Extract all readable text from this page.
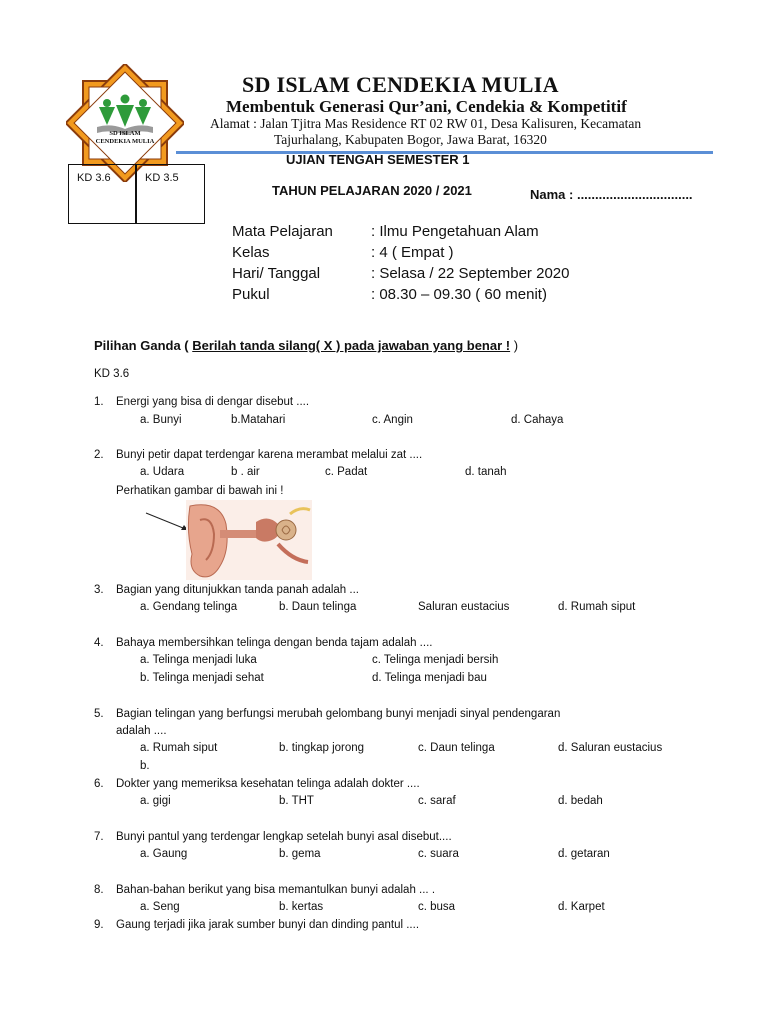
SD ISLAM
CENDEKIA MULIA
SD ISLAM CENDEKIA MULIA
Membentuk Generasi Qur’ani, Cendekia & Kompetitif
Alamat : Jalan Tjitra Mas Residence RT 02 RW 01, Desa Kalisuren, Kecamatan
Tajurhalang, Kabupaten Bogor, Jawa Barat, 16320
KD 3.6	KD 3.5
UJIAN TENGAH SEMESTER 1
TAHUN PELAJARAN 2020 / 2021	Nama : ................................
Mata Pelajaran	: Ilmu Pengetahuan Alam
Kelas	: 4 ( Empat )
Hari/ Tanggal	: Selasa / 22 September 2020
Pukul	: 08.30 – 09.30 ( 60 menit)
Pilihan Ganda ( Berilah tanda silang( X ) pada jawaban yang benar ! )
KD 3.6
1. Energi yang bisa di dengar disebut ....
a. Bunyi	b.Matahari	c. Angin	d. Cahaya
2. Bunyi petir dapat terdengar karena merambat melalui zat ....
a. Udara	b . air	c. Padat	d. tanah
Perhatikan gambar di bawah ini !
3. Bagian yang ditunjukkan tanda panah adalah ...
a. Gendang telinga	b. Daun telinga	Saluran eustacius	d. Rumah siput
4. Bahaya membersihkan telinga dengan benda tajam adalah ....
a. Telinga menjadi luka	c. Telinga menjadi bersih
b. Telinga menjadi sehat	d. Telinga menjadi bau
5. Bagian telingan yang berfungsi merubah gelombang bunyi menjadi sinyal pendengaran
adalah ....
a. Rumah siput	b. tingkap jorong	c. Daun telinga	d. Saluran eustacius
b.
6. Dokter yang memeriksa kesehatan telinga adalah dokter ....
a. gigi	b. THT	c. saraf	d. bedah
7. Bunyi pantul yang terdengar lengkap setelah bunyi asal disebut....
a. Gaung	b. gema	c. suara	d. getaran
8. Bahan-bahan berikut yang bisa memantulkan bunyi adalah ... .
a. Seng	b. kertas	c. busa	d. Karpet
9. Gaung terjadi jika jarak sumber bunyi dan dinding pantul ....
